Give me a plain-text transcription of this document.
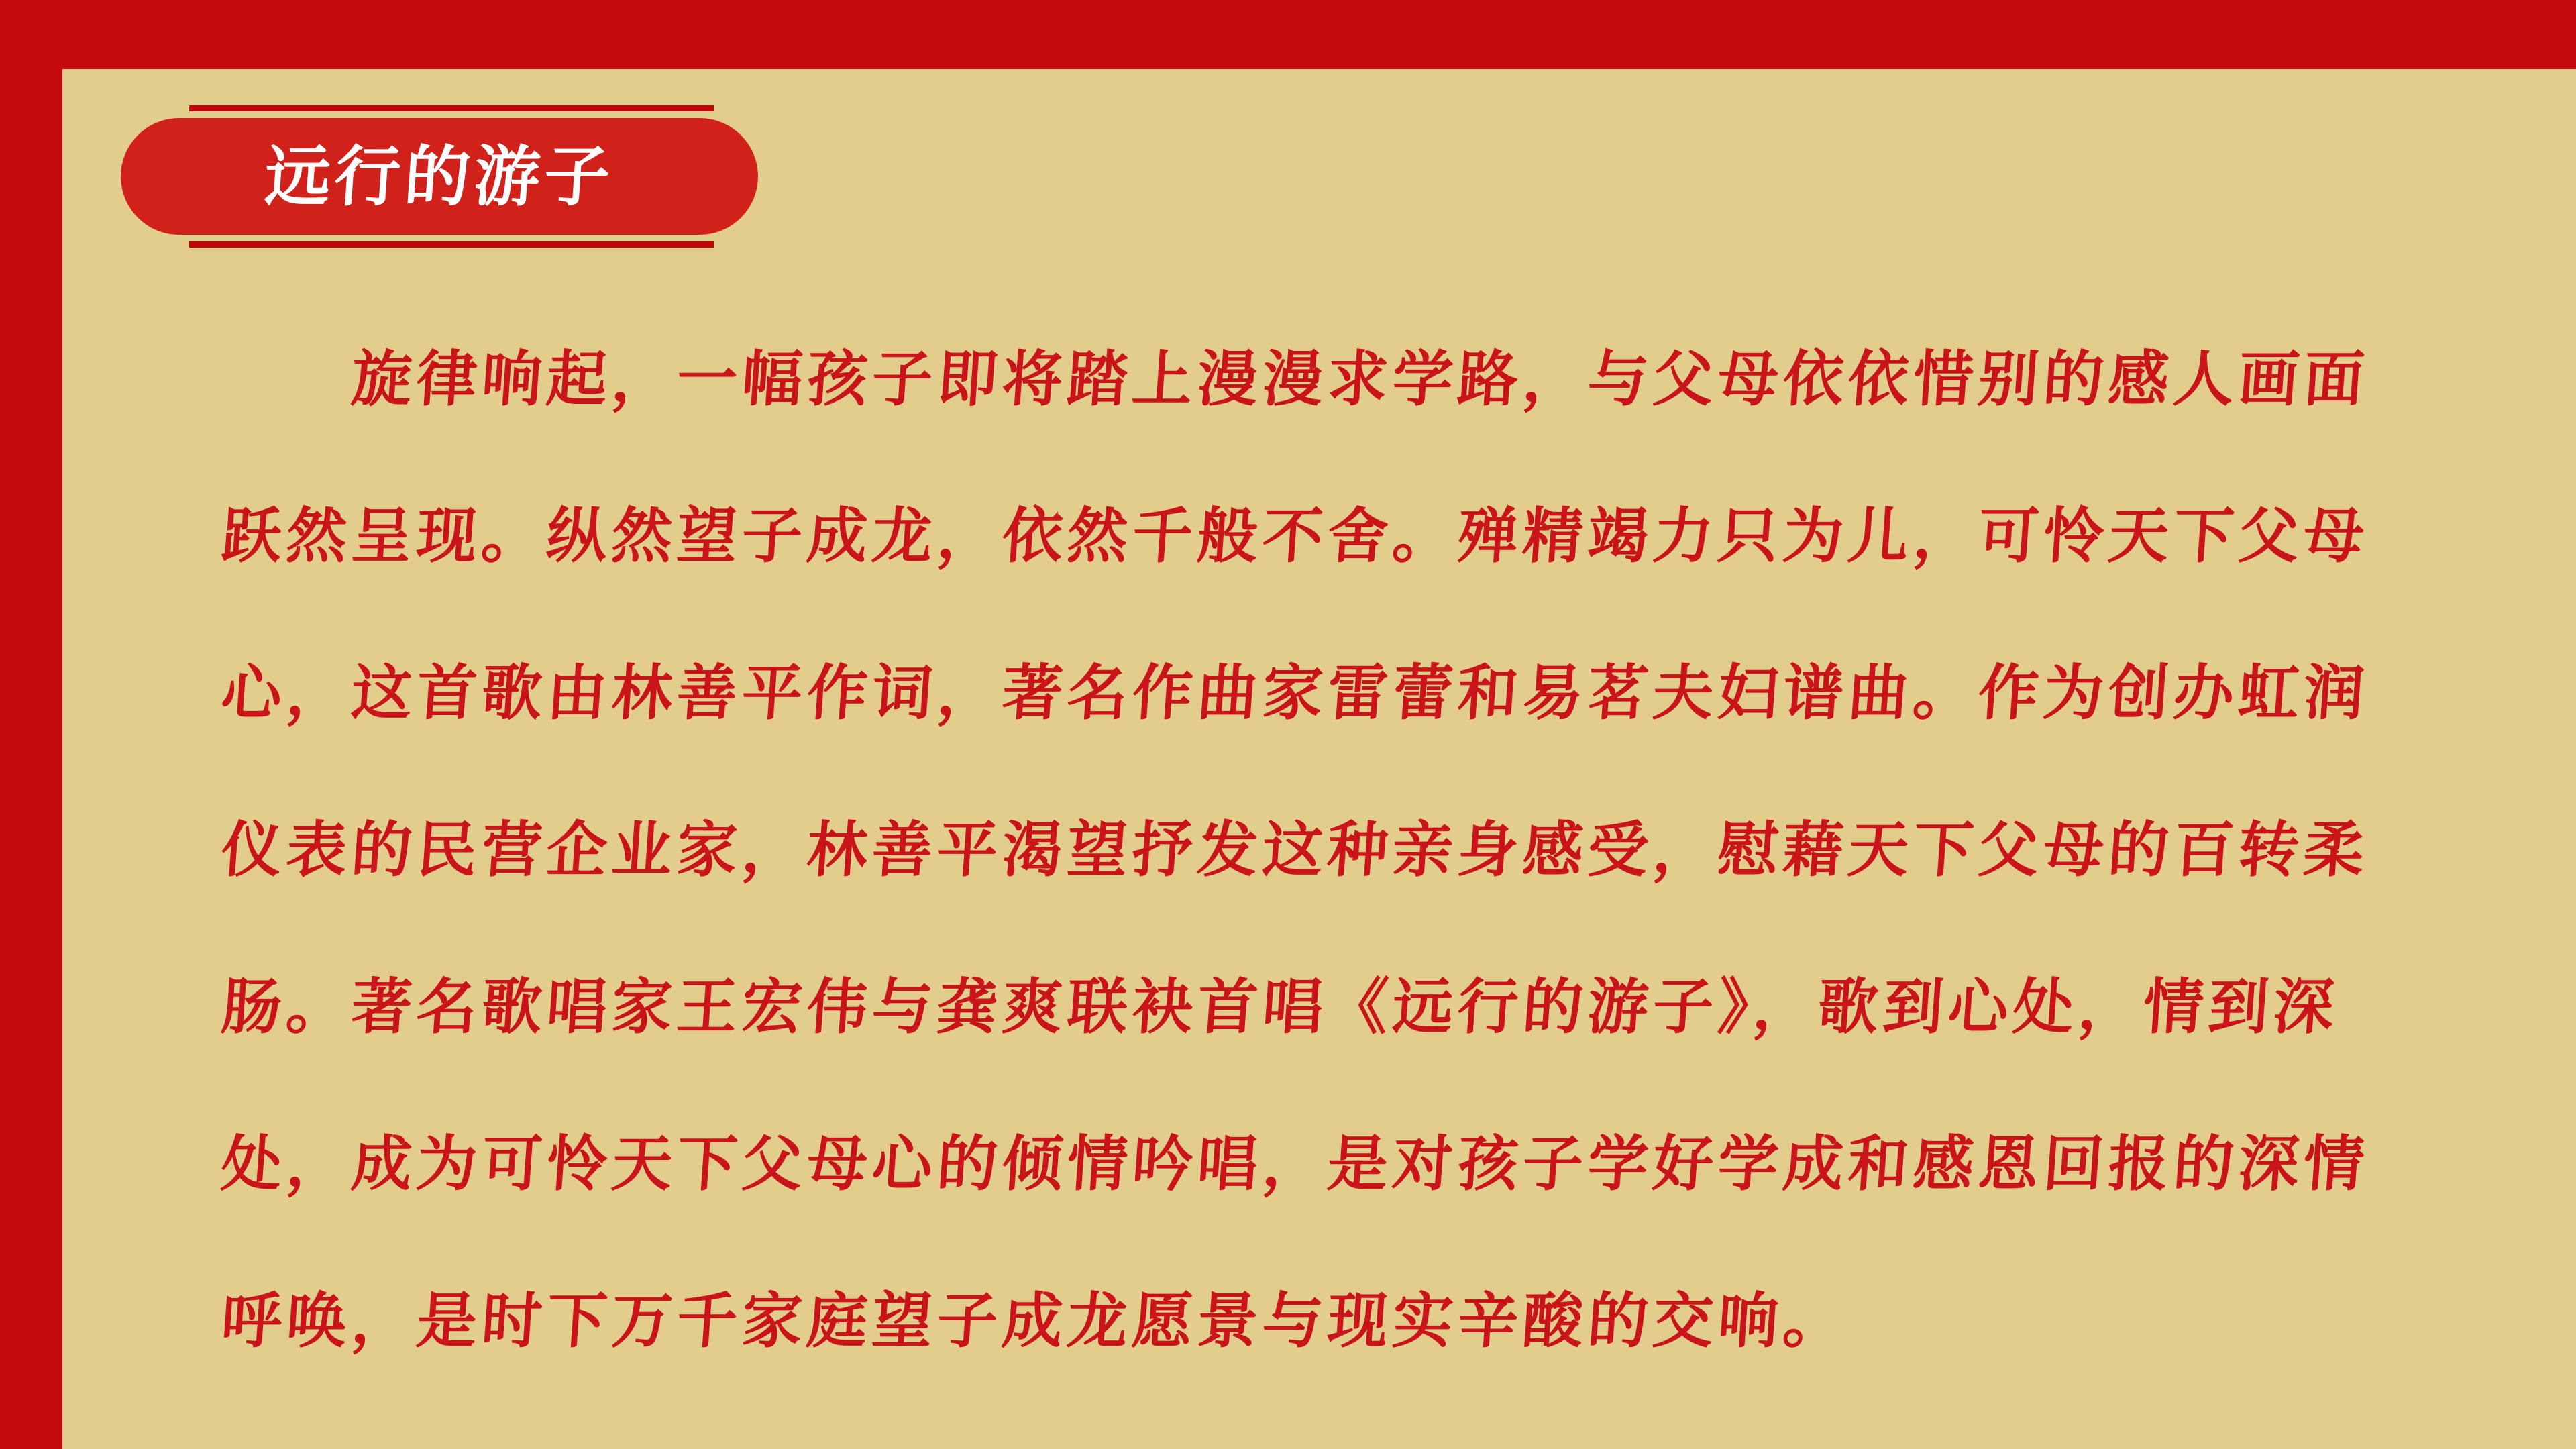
远行的游子
旋律响起，一幅孩子即将踏上漫漫求学路，与父母依依惜别的感人画面
跃然呈现。纵然望子成龙，依然千般不舍。殚精竭力只为儿，可怜天下父母
心，这首歌由林善平作词，著名作曲家雷蕾和易茗夫妇谱曲。作为创办虹润
仪表的民营企业家，林善平渴望抒发这种亲身感受，慰藉天下父母的百转柔
肠。著名歌唱家王宏伟与龚爽联袂首唱《远行的游子》，歌到心处，情到深
处，成为可怜天下父母心的倾情吟唱，是对孩子学好学成和感恩回报的深情
呼唤，是时下万千家庭望子成龙愿景与现实辛酸的交响。
